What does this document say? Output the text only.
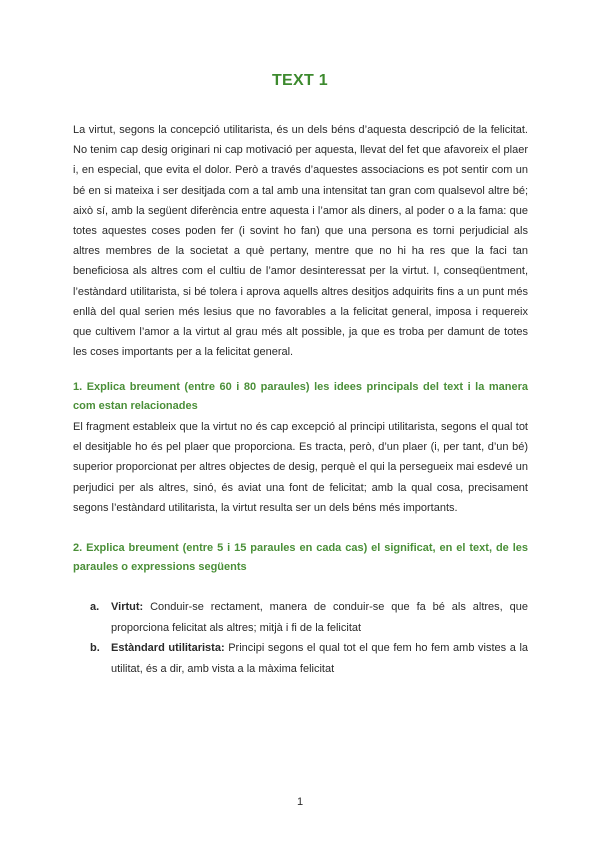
TEXT 1

La virtut, segons la concepció utilitarista, és un dels béns d’aquesta descripció de la felicitat. No tenim cap desig originari ni cap motivació per aquesta, llevat del fet que afavoreix el plaer i, en especial, que evita el dolor. Però a través d’aquestes associacions es pot sentir com un bé en si mateixa i ser desitjada com a tal amb una intensitat tan gran com qualsevol altre bé; això sí, amb la següent diferència entre aquesta i l’amor als diners, al poder o a la fama: que totes aquestes coses poden fer (i sovint ho fan) que una persona es torni perjudicial als altres membres de la societat a què pertany, mentre que no hi ha res que la faci tan beneficiosa als altres com el cultiu de l’amor desinteressat per la virtut. I, conseqüentment, l’estàndard utilitarista, si bé tolera i aprova aquells altres desitjos adquirits fins a un punt més enllà del qual serien més lesius que no favorables a la felicitat general, imposa i requereix que cultivem l’amor a la virtut al grau més alt possible, ja que es troba per damunt de totes les coses importants per a la felicitat general.

1. Explica breument (entre 60 i 80 paraules) les idees principals del text i la manera com estan relacionades

El fragment estableix que la virtut no és cap excepció al principi utilitarista, segons el qual tot el desitjable ho és pel plaer que proporciona. Es tracta, però, d’un plaer (i, per tant, d’un bé) superior proporcionat per altres objectes de desig, perquè el qui la persegueix mai esdevé un perjudici per als altres, sinó, és aviat una font de felicitat; amb la qual cosa, precisament segons l’estàndard utilitarista, la virtut resulta ser un dels béns més importants.

2. Explica breument (entre 5 i 15 paraules en cada cas) el significat, en el text, de les paraules o expressions següents

a. Virtut: Conduir-se rectament, manera de conduir-se que fa bé als altres, que proporciona felicitat als altres; mitjà i fi de la felicitat
b. Estàndard utilitarista: Principi segons el qual tot el que fem ho fem amb vistes a la utilitat, és a dir, amb vista a la màxima felicitat
1
